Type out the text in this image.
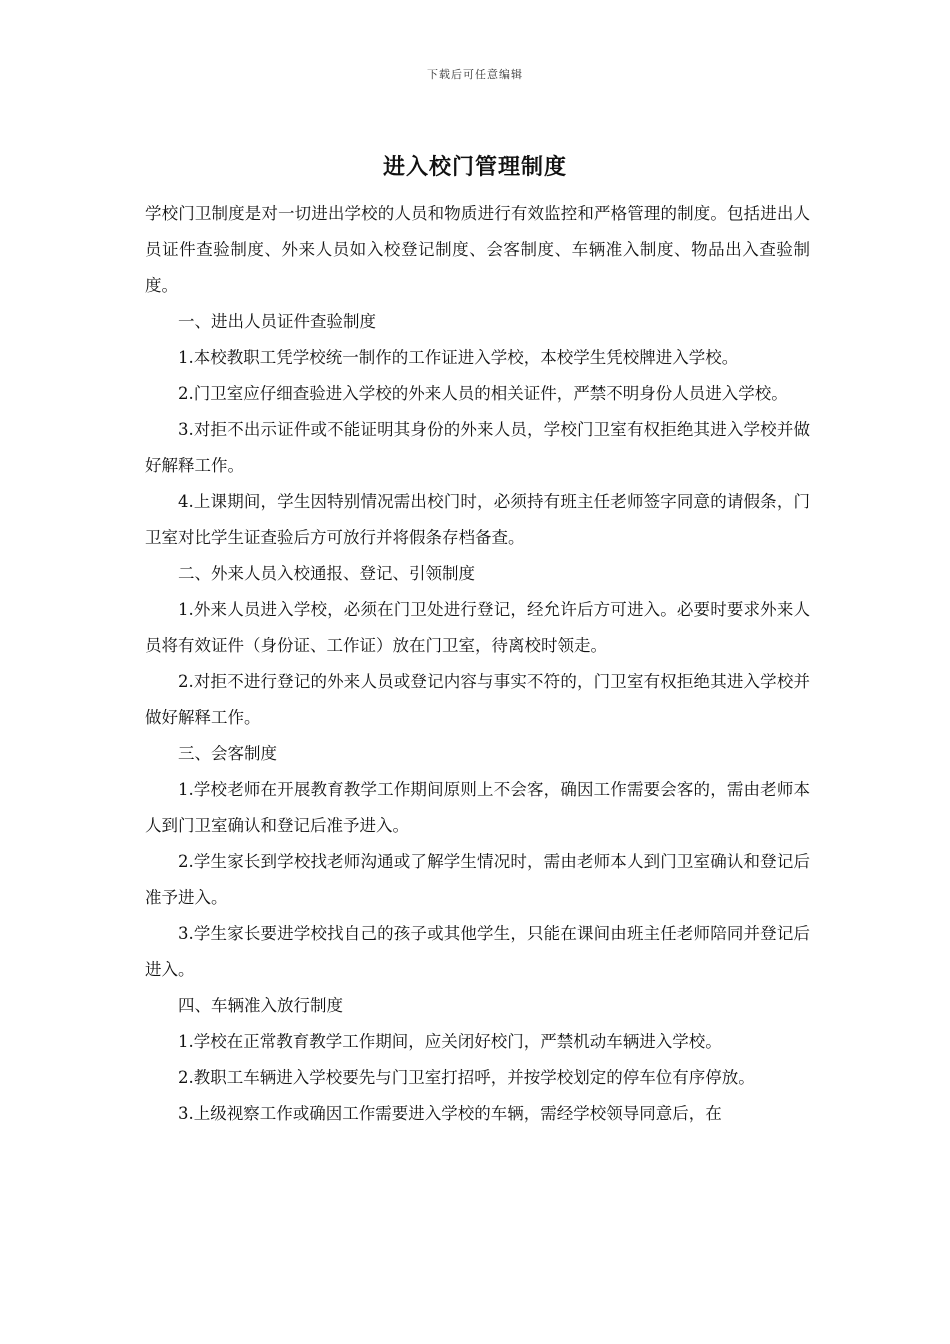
下载后可任意编辑
进入校门管理制度

学校门卫制度是对一切进出学校的人员和物质进行有效监控和严格管理的制度。包括进出人员证件查验制度、外来人员如入校登记制度、会客制度、车辆准入制度、物品出入查验制度。

一、进出人员证件查验制度

1.本校教职工凭学校统一制作的工作证进入学校，本校学生凭校牌进入学校。

2.门卫室应仔细查验进入学校的外来人员的相关证件，严禁不明身份人员进入学校。

3.对拒不出示证件或不能证明其身份的外来人员，学校门卫室有权拒绝其进入学校并做好解释工作。

4.上课期间，学生因特别情况需出校门时，必须持有班主任老师签字同意的请假条，门卫室对比学生证查验后方可放行并将假条存档备查。

二、外来人员入校通报、登记、引领制度

1.外来人员进入学校，必须在门卫处进行登记，经允许后方可进入。必要时要求外来人员将有效证件（身份证、工作证）放在门卫室，待离校时领走。

2.对拒不进行登记的外来人员或登记内容与事实不符的，门卫室有权拒绝其进入学校并做好解释工作。

三、会客制度

1.学校老师在开展教育教学工作期间原则上不会客，确因工作需要会客的，需由老师本人到门卫室确认和登记后准予进入。

2.学生家长到学校找老师沟通或了解学生情况时，需由老师本人到门卫室确认和登记后准予进入。

3.学生家长要进学校找自己的孩子或其他学生，只能在课间由班主任老师陪同并登记后进入。

四、车辆准入放行制度

1.学校在正常教育教学工作期间，应关闭好校门，严禁机动车辆进入学校。

2.教职工车辆进入学校要先与门卫室打招呼，并按学校划定的停车位有序停放。

3.上级视察工作或确因工作需要进入学校的车辆，需经学校领导同意后，在
